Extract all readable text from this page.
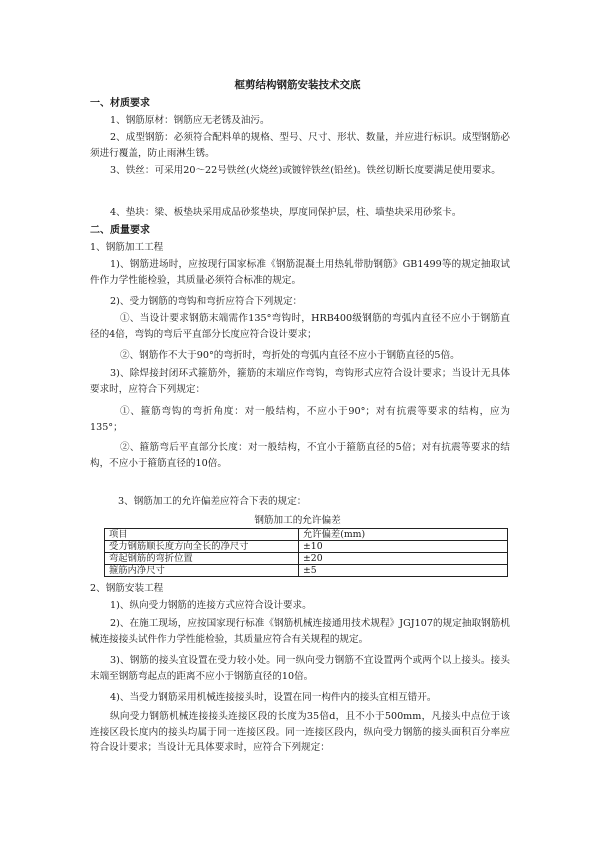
框剪结构钢筋安装技术交底
一、材质要求
1、钢筋原材：钢筋应无老锈及油污。
2、成型钢筋：必须符合配料单的规格、型号、尺寸、形状、数量，并应进行标识。成型钢筋必须进行覆盖，防止雨淋生锈。
3、铁丝：可采用20～22号铁丝(火烧丝)或镀锌铁丝(铅丝)。铁丝切断长度要满足使用要求。
4、垫块：梁、板垫块采用成品砂浆垫块，厚度同保护层，柱、墙垫块采用砂浆卡。
二、质量要求
1、钢筋加工工程
1)、钢筋进场时，应按现行国家标准《钢筋混凝土用热轧带肋钢筋》GB1499等的规定抽取试件作力学性能检验，其质量必须符合标准的规定。
2)、受力钢筋的弯钩和弯折应符合下列规定：
①、当设计要求钢筋末端需作135°弯钩时，HRB400级钢筋的弯弧内直径不应小于钢筋直径的4倍，弯钩的弯后平直部分长度应符合设计要求；
②、钢筋作不大于90°的弯折时，弯折处的弯弧内直径不应小于钢筋直径的5倍。
3)、除焊接封闭环式箍筋外，箍筋的末端应作弯钩，弯钩形式应符合设计要求；当设计无具体要求时，应符合下列规定：
①、箍筋弯钩的弯折角度：对一般结构，不应小于90°；对有抗震等要求的结构，应为135°；
②、箍筋弯后平直部分长度：对一般结构，不宜小于箍筋直径的5倍；对有抗震等要求的结构，不应小于箍筋直径的10倍。
3、钢筋加工的允许偏差应符合下表的规定：
钢筋加工的允许偏差
项目	允许偏差(mm)
受力钢筋顺长度方向全长的净尺寸	±10
弯起钢筋的弯折位置	±20
箍筋内净尺寸	±5
2、钢筋安装工程
1)、纵向受力钢筋的连接方式应符合设计要求。
2)、在施工现场，应按国家现行标准《钢筋机械连接通用技术规程》JGJ107的规定抽取钢筋机械连接接头试件作力学性能检验，其质量应符合有关规程的规定。
3)、钢筋的接头宜设置在受力较小处。同一纵向受力钢筋不宜设置两个或两个以上接头。接头末端至钢筋弯起点的距离不应小于钢筋直径的10倍。
4)、当受力钢筋采用机械连接接头时，设置在同一构件内的接头宜相互错开。
纵向受力钢筋机械连接接头连接区段的长度为35倍d，且不小于500mm，凡接头中点位于该连接区段长度内的接头均属于同一连接区段。同一连接区段内，纵向受力钢筋的接头面积百分率应符合设计要求；当设计无具体要求时，应符合下列规定：
